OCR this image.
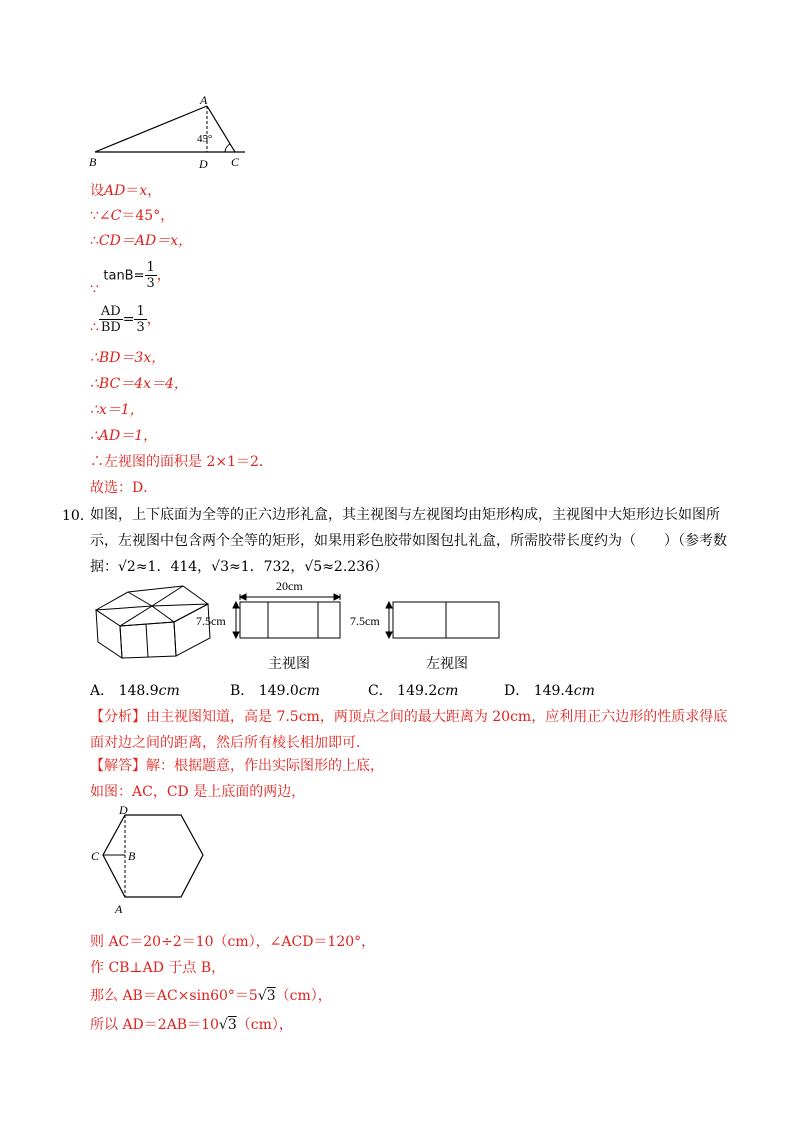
A
B	D C
45°
设AD＝x，
∵∠C＝45°，
∴CD＝AD＝x，
∵ $\tan B= \frac{1}{3}$ ，
∴ $\frac{AD}{BD} = \frac{1}{3}$ ，
∴BD＝3x，
∴BC＝4x＝4，
∴x＝1，
∴AD＝1，
∴左视图的面积是 2×1＝2．
故选：D．
10．
如图，上下底面为全等的正六边形礼盒，其主视图与左视图均由矩形构成，主视图中大矩形边长如图所示，左视图中包含两个全等的矩形，如果用彩色胶带如图包扎礼盒，所需胶带长度约为（　　）（参考数据：√2≈1．414，√3≈1．732，√5≈2.236）
20cm
7.5cm	7.5cm
主视图	左视图
A． 148.9cm	B． 149.0cm	C． 149.2cm	D． 149.4cm
【分析】由主视图知道，高是 7.5cm，两顶点之间的最大距离为 20cm，应利用正六边形的性质求得底面对边之间的距离，然后所有棱长相加即可．
【解答】解：根据题意，作出实际图形的上底，
如图：AC，CD 是上底面的两边，
D
C B
A
则 AC＝20÷2＝10（cm），∠ACD＝120°，
作 CB⊥AD 于点 B，
那么 AB＝AC×sin60°＝5√3（cm），
所以 AD＝2AB＝10√3（cm），
